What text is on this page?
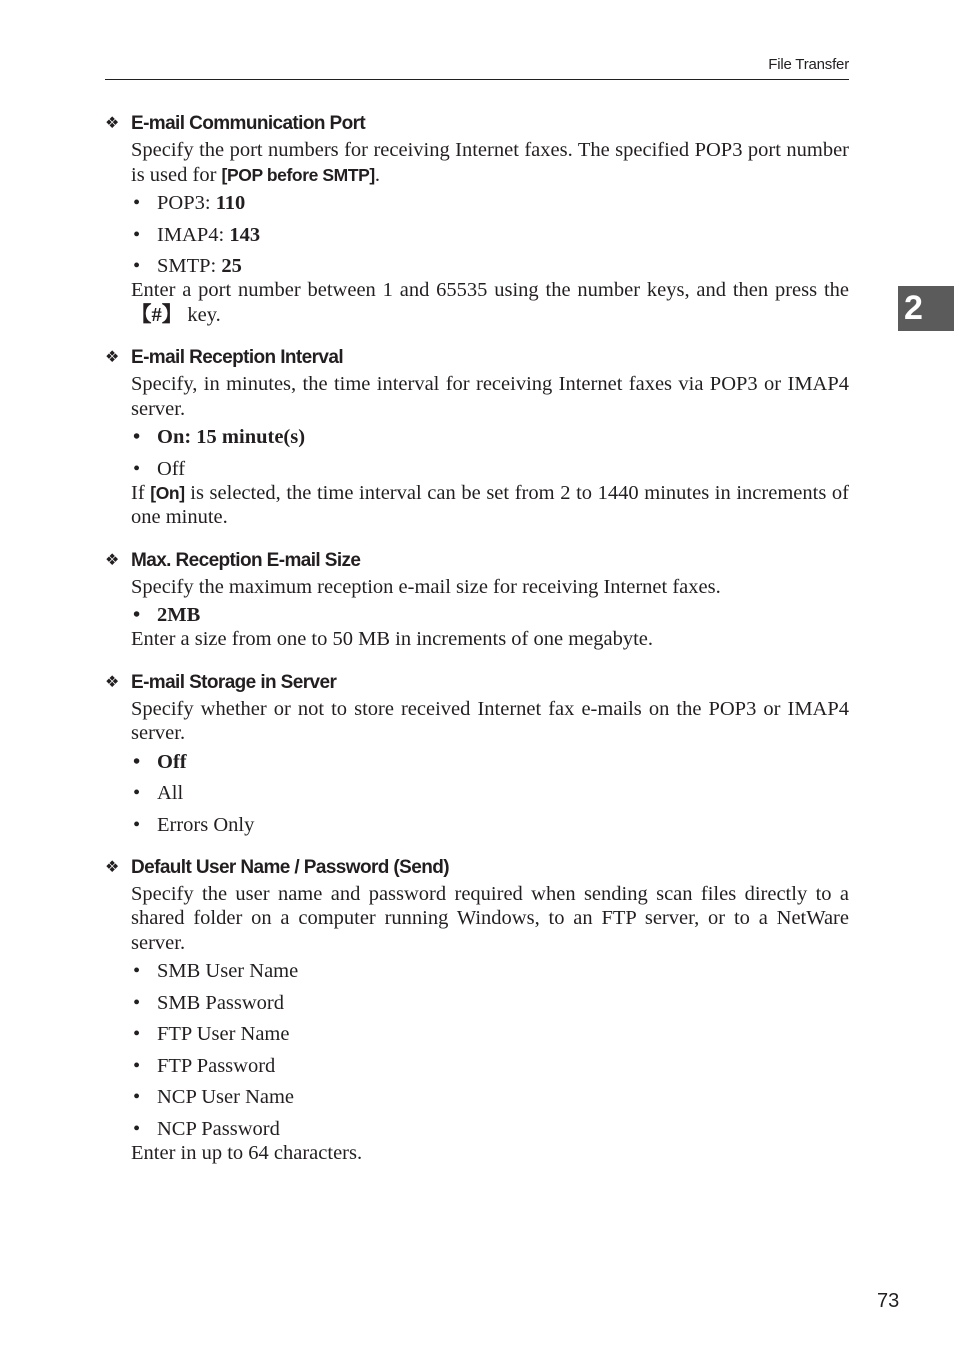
File Transfer
2
❖ E-mail Communication Port
Specify the port numbers for receiving Internet faxes. The specified POP3 port number is used for [POP before SMTP].
• POP3: 110
• IMAP4: 143
• SMTP: 25
Enter a port number between 1 and 65535 using the number keys, and then press the 【#】 key.
❖ E-mail Reception Interval
Specify, in minutes, the time interval for receiving Internet faxes via POP3 or IMAP4 server.
• On: 15 minute(s)
• Off
If [On] is selected, the time interval can be set from 2 to 1440 minutes in increments of one minute.
❖ Max. Reception E-mail Size
Specify the maximum reception e-mail size for receiving Internet faxes.
• 2MB
Enter a size from one to 50 MB in increments of one megabyte.
❖ E-mail Storage in Server
Specify whether or not to store received Internet fax e-mails on the POP3 or IMAP4 server.
• Off
• All
• Errors Only
❖ Default User Name / Password (Send)
Specify the user name and password required when sending scan files directly to a shared folder on a computer running Windows, to an FTP server, or to a NetWare server.
• SMB User Name
• SMB Password
• FTP User Name
• FTP Password
• NCP User Name
• NCP Password
Enter in up to 64 characters.
73
